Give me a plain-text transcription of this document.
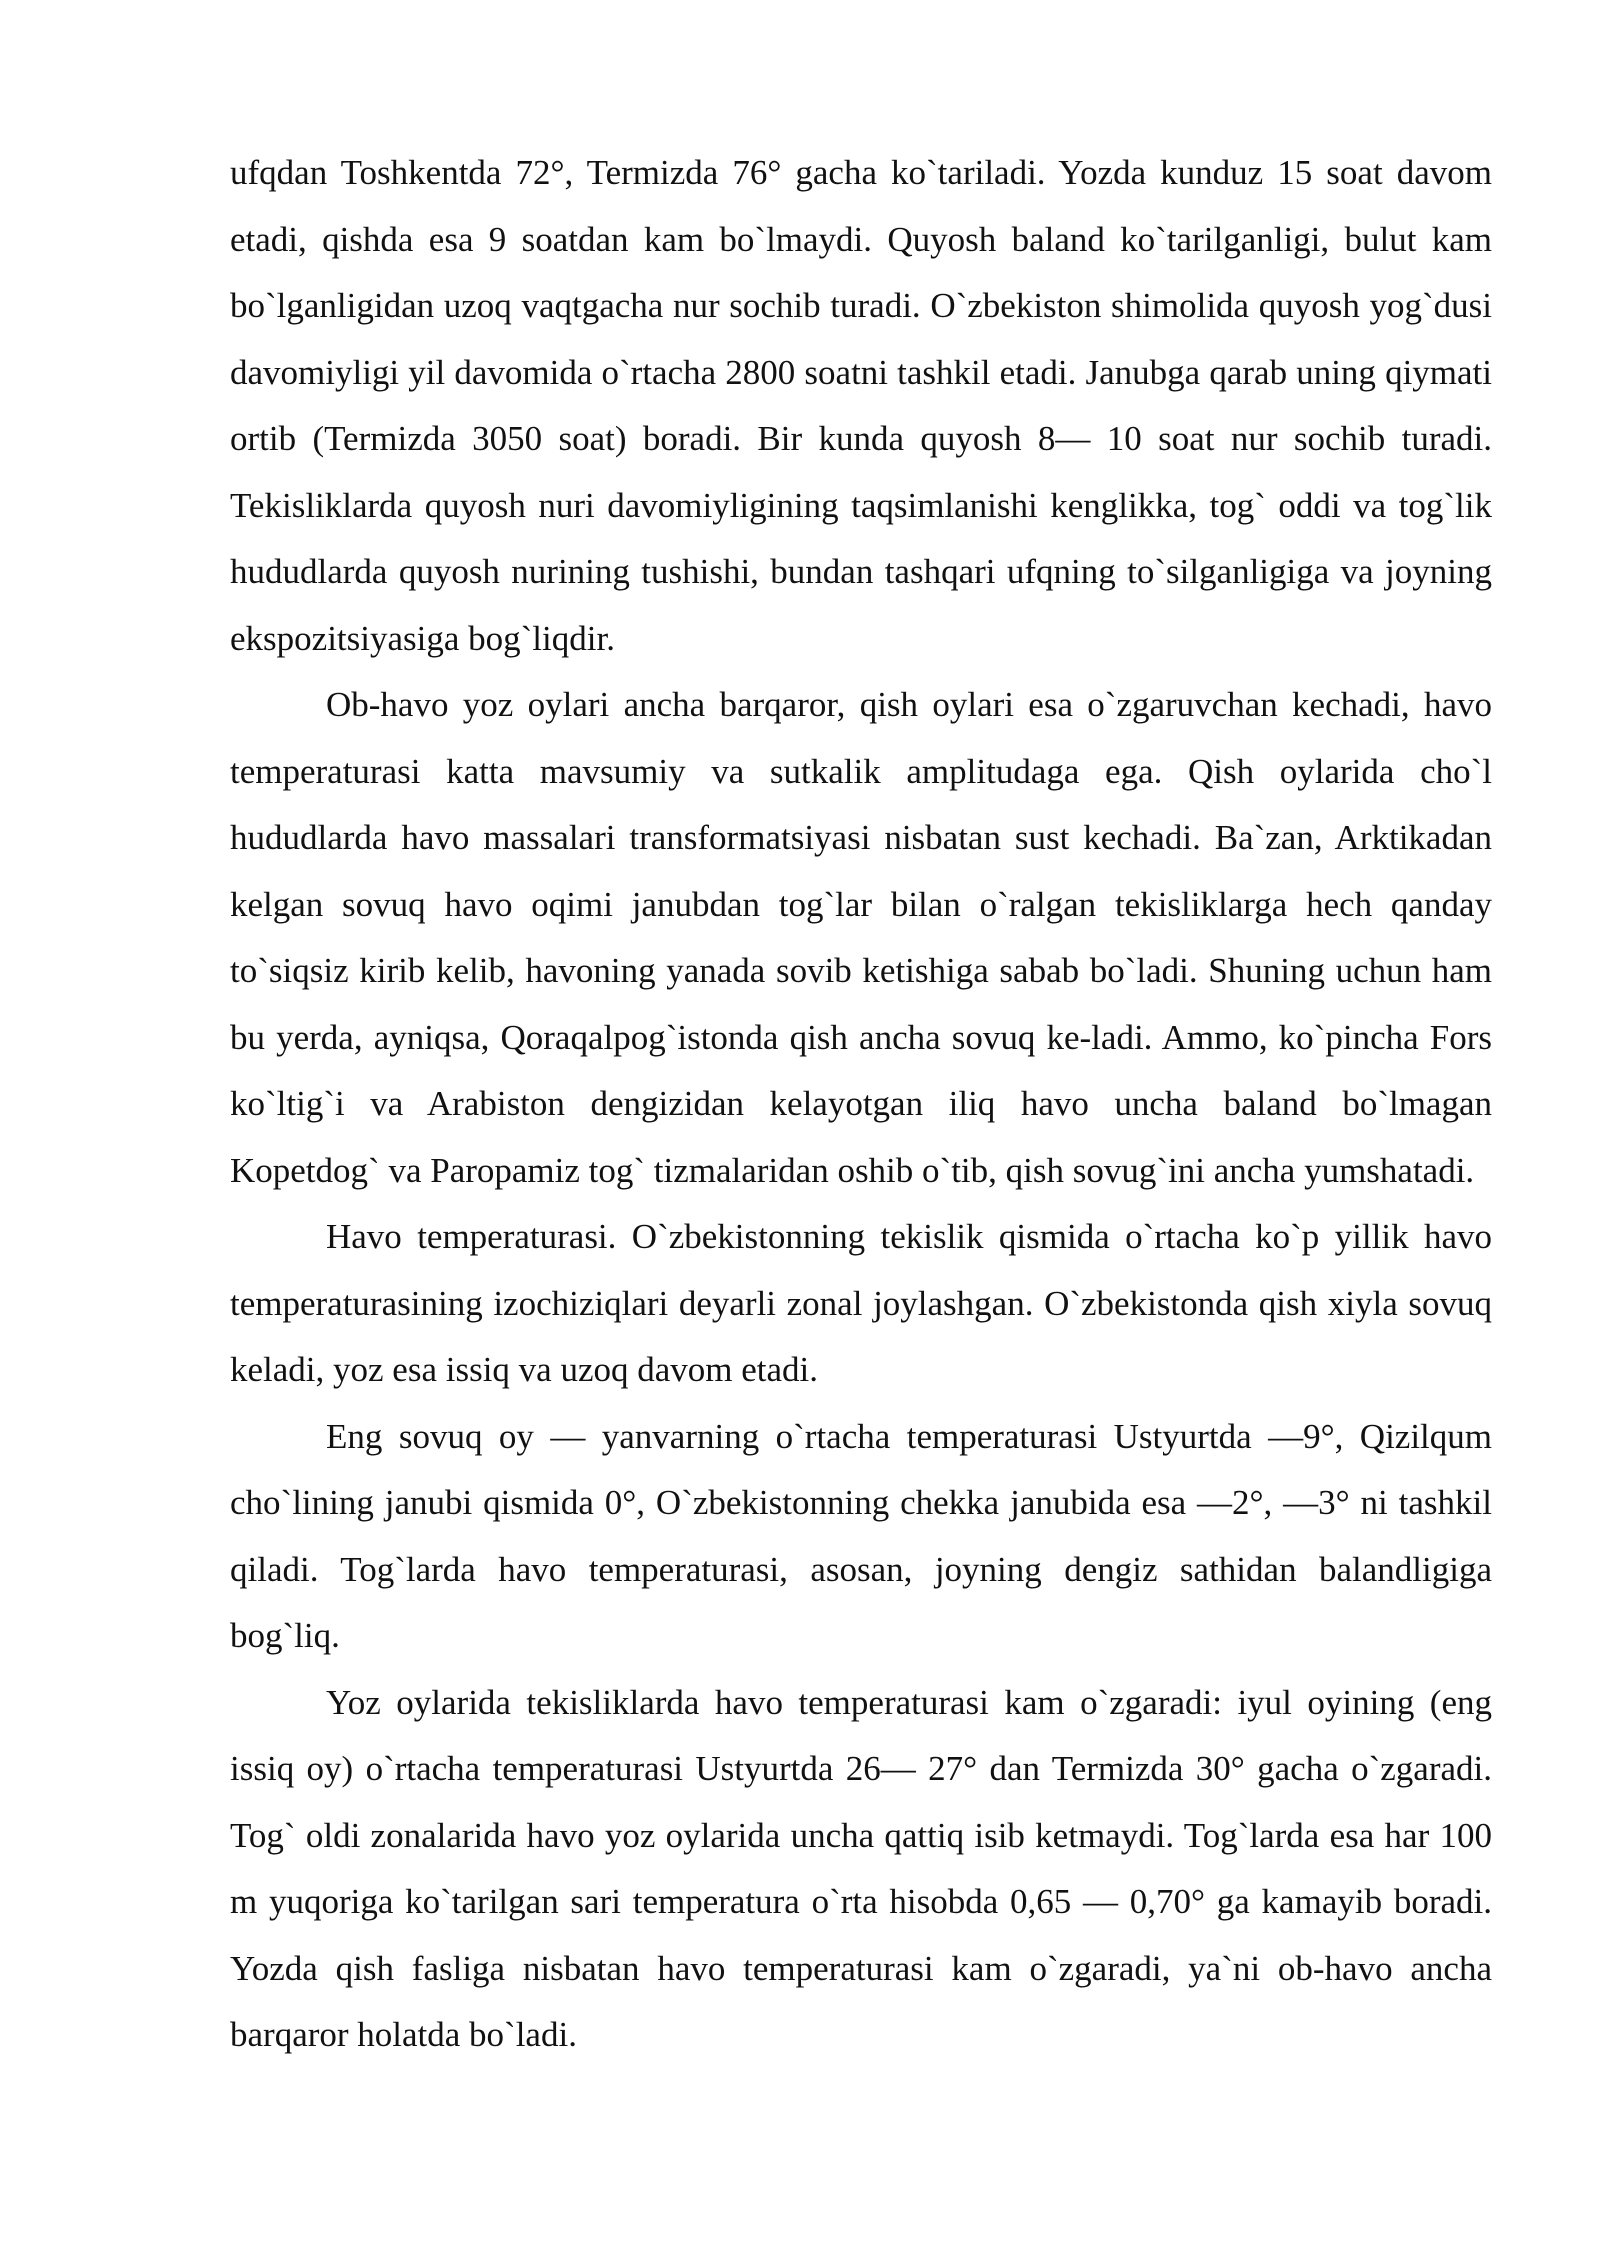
ufqdan Toshkentda 72°, Termizda 76° gacha ko`tariladi. Yozda kunduz 15 soat davom etadi, qishda esa 9 soatdan kam bo`lmaydi. Quyosh baland ko`tarilganligi, bulut kam bo`lganligidan uzoq vaqtgacha nur sochib turadi. O`zbekiston shimolida quyosh yog`dusi davomiyligi yil davomida o`rtacha 2800 soatni tashkil etadi. Janubga qarab uning qiymati ortib (Termizda 3050 soat) boradi. Bir kunda quyosh 8— 10 soat nur sochib turadi. Tekisliklarda quyosh nuri davomiyligining taqsimlanishi kenglikka, tog` oddi va tog`lik hududlarda quyosh nurining tushishi, bundan tashqari ufqning to`silganligiga va joyning ekspozitsiyasiga bog`liqdir.

Ob-havo yoz oylari ancha barqaror, qish oylari esa o`zgaruvchan kechadi, havo temperaturasi katta mavsumiy va sutkalik amplitudaga ega. Qish oylarida cho`l hududlarda havo massalari transformatsiyasi nisbatan sust kechadi. Ba`zan, Arktikadan kelgan sovuq havo oqimi janubdan tog`lar bilan o`ralgan tekisliklarga hech qanday to`siqsiz kirib kelib, havoning yanada sovib ketishiga sabab bo`ladi. Shuning uchun ham bu yerda, ayniqsa, Qoraqalpog`istonda qish ancha sovuq ke-ladi. Ammo, ko`pincha Fors ko`ltig`i va Arabiston dengizidan kelayotgan iliq havo uncha baland bo`lmagan Kopetdog` va Paropamiz tog` tizmalaridan oshib o`tib, qish sovug`ini ancha yumshatadi.

Havo temperaturasi. O`zbekistonning tekislik qismida o`rtacha ko`p yillik havo temperaturasining izochiziqlari deyarli zonal joylashgan. O`zbekistonda qish xiyla sovuq keladi, yoz esa issiq va uzoq davom etadi.

Eng sovuq oy — yanvarning o`rtacha temperaturasi Ustyurtda —9°, Qizilqum cho`lining janubi qismida 0°, O`zbekistonning chekka janubida esa —2°, —3° ni tashkil qiladi. Tog`larda havo temperaturasi, asosan, joyning dengiz sathidan balandligiga bog`liq.

Yoz oylarida tekisliklarda havo temperaturasi kam o`zgaradi: iyul oyining (eng issiq oy) o`rtacha temperaturasi Ustyurtda 26— 27° dan Termizda 30° gacha o`zgaradi. Tog` oldi zonalarida havo yoz oylarida uncha qattiq isib ketmaydi. Tog`larda esa har 100 m yuqoriga ko`tarilgan sari temperatura o`rta hisobda 0,65 — 0,70° ga kamayib boradi. Yozda qish fasliga nisbatan havo temperaturasi kam o`zgaradi, ya`ni ob-havo ancha barqaror holatda bo`ladi.
